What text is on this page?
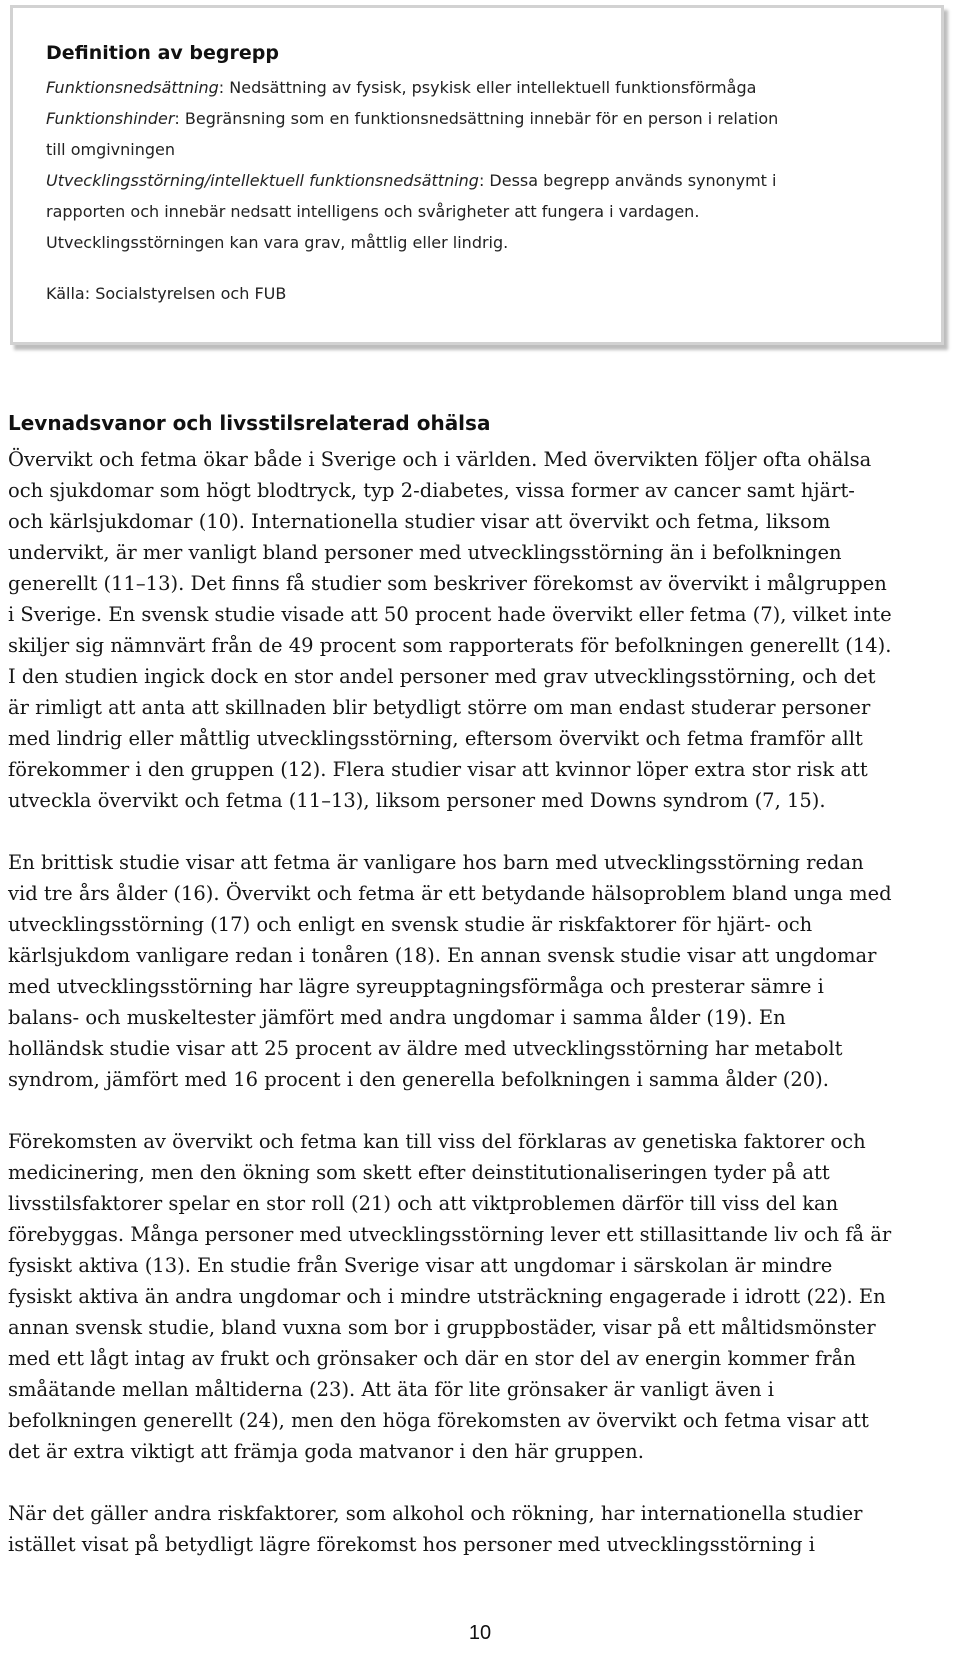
Definition av begrepp
Funktionsnedsättning: Nedsättning av fysisk, psykisk eller intellektuell funktionsförmåga
Funktionshinder: Begränsning som en funktionsnedsättning innebär för en person i relation
till omgivningen
Utvecklingsstörning/intellektuell funktionsnedsättning: Dessa begrepp används synonymt i
rapporten och innebär nedsatt intelligens och svårigheter att fungera i vardagen.
Utvecklingsstörningen kan vara grav, måttlig eller lindrig.
Källa: Socialstyrelsen och FUB
Levnadsvanor och livsstilsrelaterad ohälsa
Övervikt och fetma ökar både i Sverige och i världen. Med övervikten följer ofta ohälsa
och sjukdomar som högt blodtryck, typ 2-diabetes, vissa former av cancer samt hjärt-
och kärlsjukdomar (10). Internationella studier visar att övervikt och fetma, liksom
undervikt, är mer vanligt bland personer med utvecklingsstörning än i befolkningen
generellt (11–13). Det finns få studier som beskriver förekomst av övervikt i målgruppen
i Sverige. En svensk studie visade att 50 procent hade övervikt eller fetma (7), vilket inte
skiljer sig nämnvärt från de 49 procent som rapporterats för befolkningen generellt (14).
I den studien ingick dock en stor andel personer med grav utvecklingsstörning, och det
är rimligt att anta att skillnaden blir betydligt större om man endast studerar personer
med lindrig eller måttlig utvecklingsstörning, eftersom övervikt och fetma framför allt
förekommer i den gruppen (12). Flera studier visar att kvinnor löper extra stor risk att
utveckla övervikt och fetma (11–13), liksom personer med Downs syndrom (7, 15).
En brittisk studie visar att fetma är vanligare hos barn med utvecklingsstörning redan
vid tre års ålder (16). Övervikt och fetma är ett betydande hälsoproblem bland unga med
utvecklingsstörning (17) och enligt en svensk studie är riskfaktorer för hjärt- och
kärlsjukdom vanligare redan i tonåren (18). En annan svensk studie visar att ungdomar
med utvecklingsstörning har lägre syreupptagningsförmåga och presterar sämre i
balans- och muskeltester jämfört med andra ungdomar i samma ålder (19). En
holländsk studie visar att 25 procent av äldre med utvecklingsstörning har metabolt
syndrom, jämfört med 16 procent i den generella befolkningen i samma ålder (20).
Förekomsten av övervikt och fetma kan till viss del förklaras av genetiska faktorer och
medicinering, men den ökning som skett efter deinstitutionaliseringen tyder på att
livsstilsfaktorer spelar en stor roll (21) och att viktproblemen därför till viss del kan
förebyggas. Många personer med utvecklingsstörning lever ett stillasittande liv och få är
fysiskt aktiva (13). En studie från Sverige visar att ungdomar i särskolan är mindre
fysiskt aktiva än andra ungdomar och i mindre utsträckning engagerade i idrott (22). En
annan svensk studie, bland vuxna som bor i gruppbostäder, visar på ett måltidsmönster
med ett lågt intag av frukt och grönsaker och där en stor del av energin kommer från
småätande mellan måltiderna (23). Att äta för lite grönsaker är vanligt även i
befolkningen generellt (24), men den höga förekomsten av övervikt och fetma visar att
det är extra viktigt att främja goda matvanor i den här gruppen.
När det gäller andra riskfaktorer, som alkohol och rökning, har internationella studier
istället visat på betydligt lägre förekomst hos personer med utvecklingsstörning i
10
